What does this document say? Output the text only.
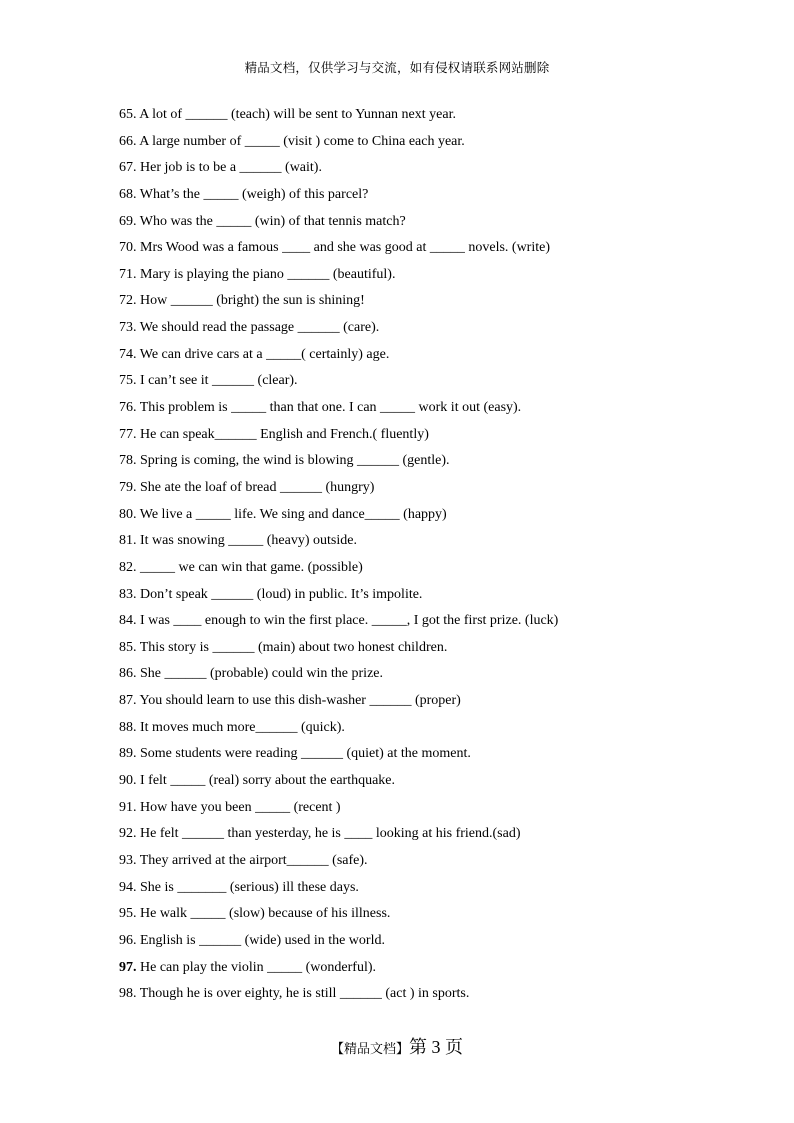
精品文档，仅供学习与交流，如有侵权请联系网站删除
65. A lot of ______ (teach) will be sent to Yunnan next year.
66. A large number of _____ (visit ) come to China each year.
67. Her job is to be a ______ (wait).
68. What’s the _____ (weigh) of this parcel?
69. Who was the _____ (win) of that tennis match?
70. Mrs Wood was a famous ____ and she was good at _____ novels. (write)
71. Mary is playing the piano ______ (beautiful).
72. How ______ (bright) the sun is shining!
73. We should read the passage ______ (care).
74. We can drive cars at a _____( certainly) age.
75. I can’t see it ______ (clear).
76. This problem is _____ than that one. I can _____ work it out (easy).
77. He can speak______ English and French.( fluently)
78. Spring is coming, the wind is blowing ______ (gentle).
79. She ate the loaf of bread ______ (hungry)
80. We live a _____ life. We sing and dance_____ (happy)
81. It was snowing _____ (heavy) outside.
82. _____ we can win that game. (possible)
83. Don’t speak ______ (loud) in public. It’s impolite.
84. I was ____ enough to win the first place. _____, I got the first prize. (luck)
85. This story is ______ (main) about two honest children.
86. She ______ (probable) could win the prize.
87. You should learn to use this dish-washer ______ (proper)
88. It moves much more______ (quick).
89. Some students were reading ______ (quiet) at the moment.
90. I felt _____ (real) sorry about the earthquake.
91. How have you been _____ (recent )
92. He felt ______ than yesterday, he is ____ looking at his friend.(sad)
93. They arrived at the airport______ (safe).
94. She is _______ (serious) ill these days.
95. He walk _____ (slow) because of his illness.
96. English is ______ (wide) used in the world.
97. He can play the violin _____ (wonderful).
98. Though he is over eighty, he is still ______ (act ) in sports.
【精品文档】第 3 页
